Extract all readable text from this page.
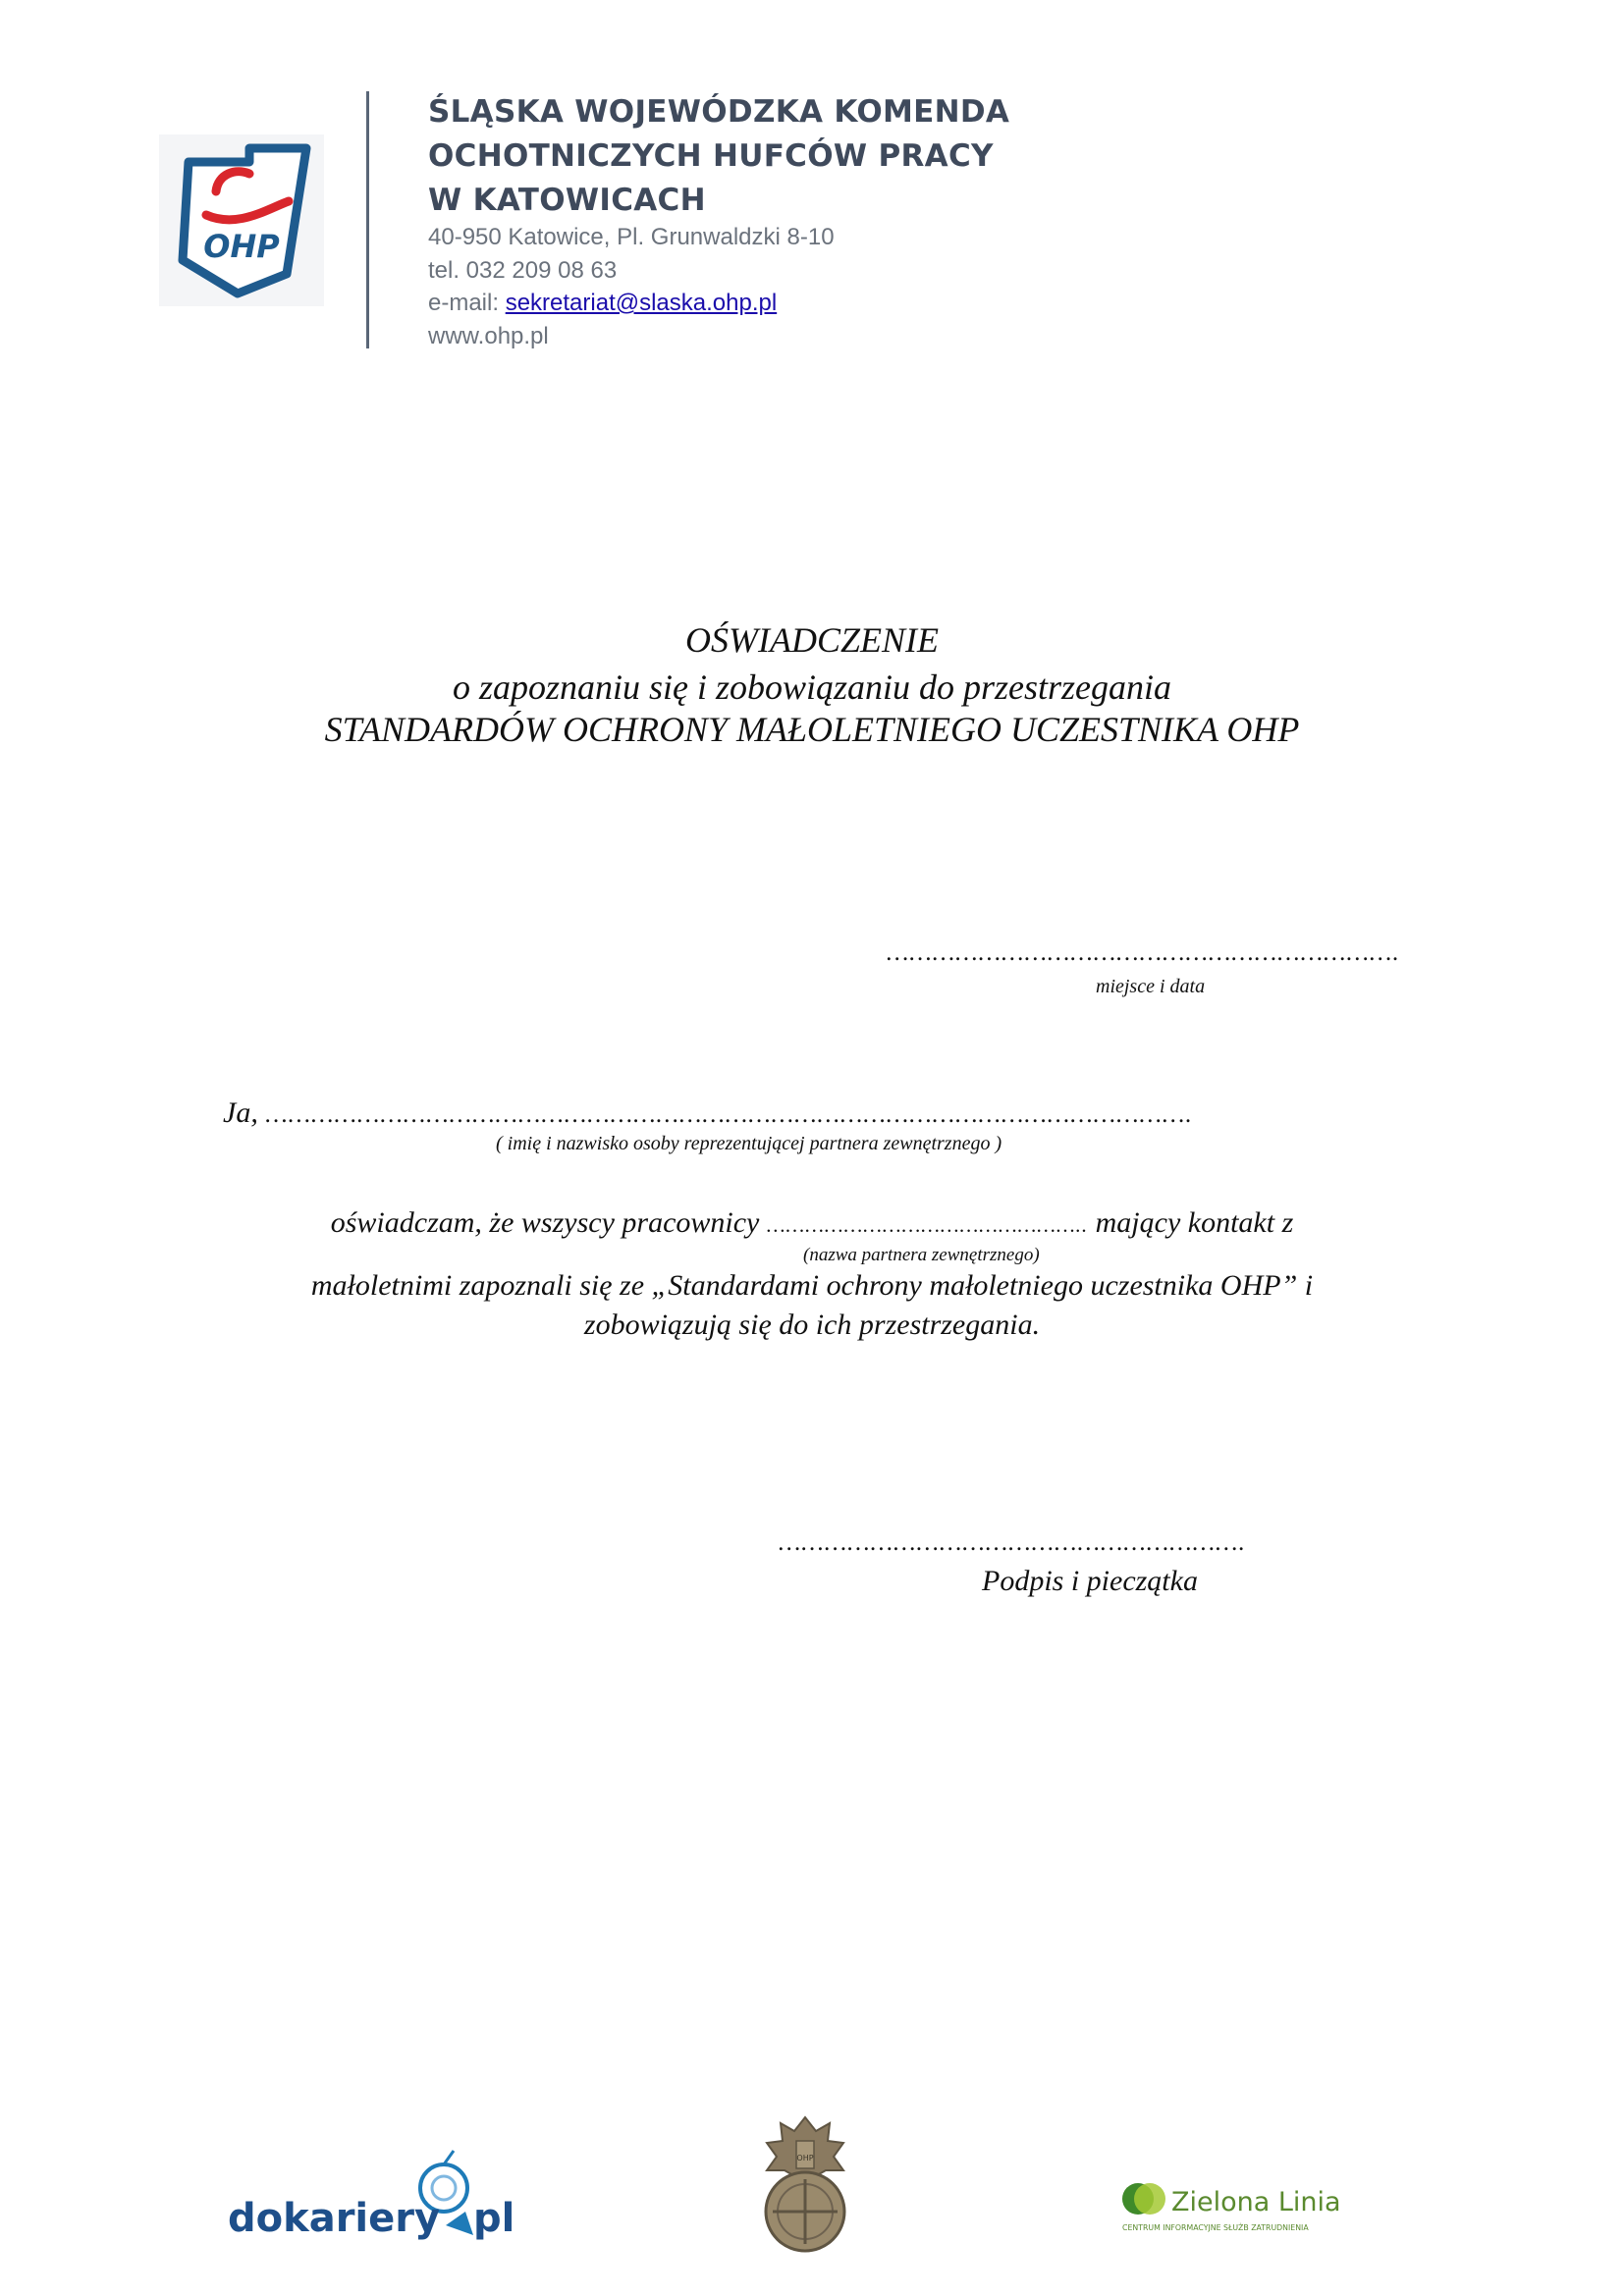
OHP
ŚLĄSKA WOJEWÓDZKA KOMENDA
OCHOTNICZYCH HUFCÓW PRACY
W KATOWICACH
40-950 Katowice, Pl. Grunwaldzki 8-10
tel. 032 209 08 63
e-mail: sekretariat@slaska.ohp.pl
www.ohp.pl
OŚWIADCZENIE
o zapoznaniu się i zobowiązaniu do przestrzegania
STANDARDÓW OCHRONY MAŁOLETNIEGO UCZESTNIKA OHP
………………………………………………………….
miejsce i data
Ja, ………………………………………………………………………………………………………….
( imię i nazwisko osoby reprezentującej partnera zewnętrznego )
oświadczam, że wszyscy pracownicy ………………………………………….. mający kontakt z
(nazwa partnera zewnętrznego)
małoletnimi zapoznali się ze „Standardami ochrony małoletniego uczestnika OHP” i
zobowiązują się do ich przestrzegania.
…………………………………………………….
Podpis i pieczątka
dokariery pl
OHP
Zielona Linia
CENTRUM INFORMACYJNE SŁUŻB ZATRUDNIENIA
